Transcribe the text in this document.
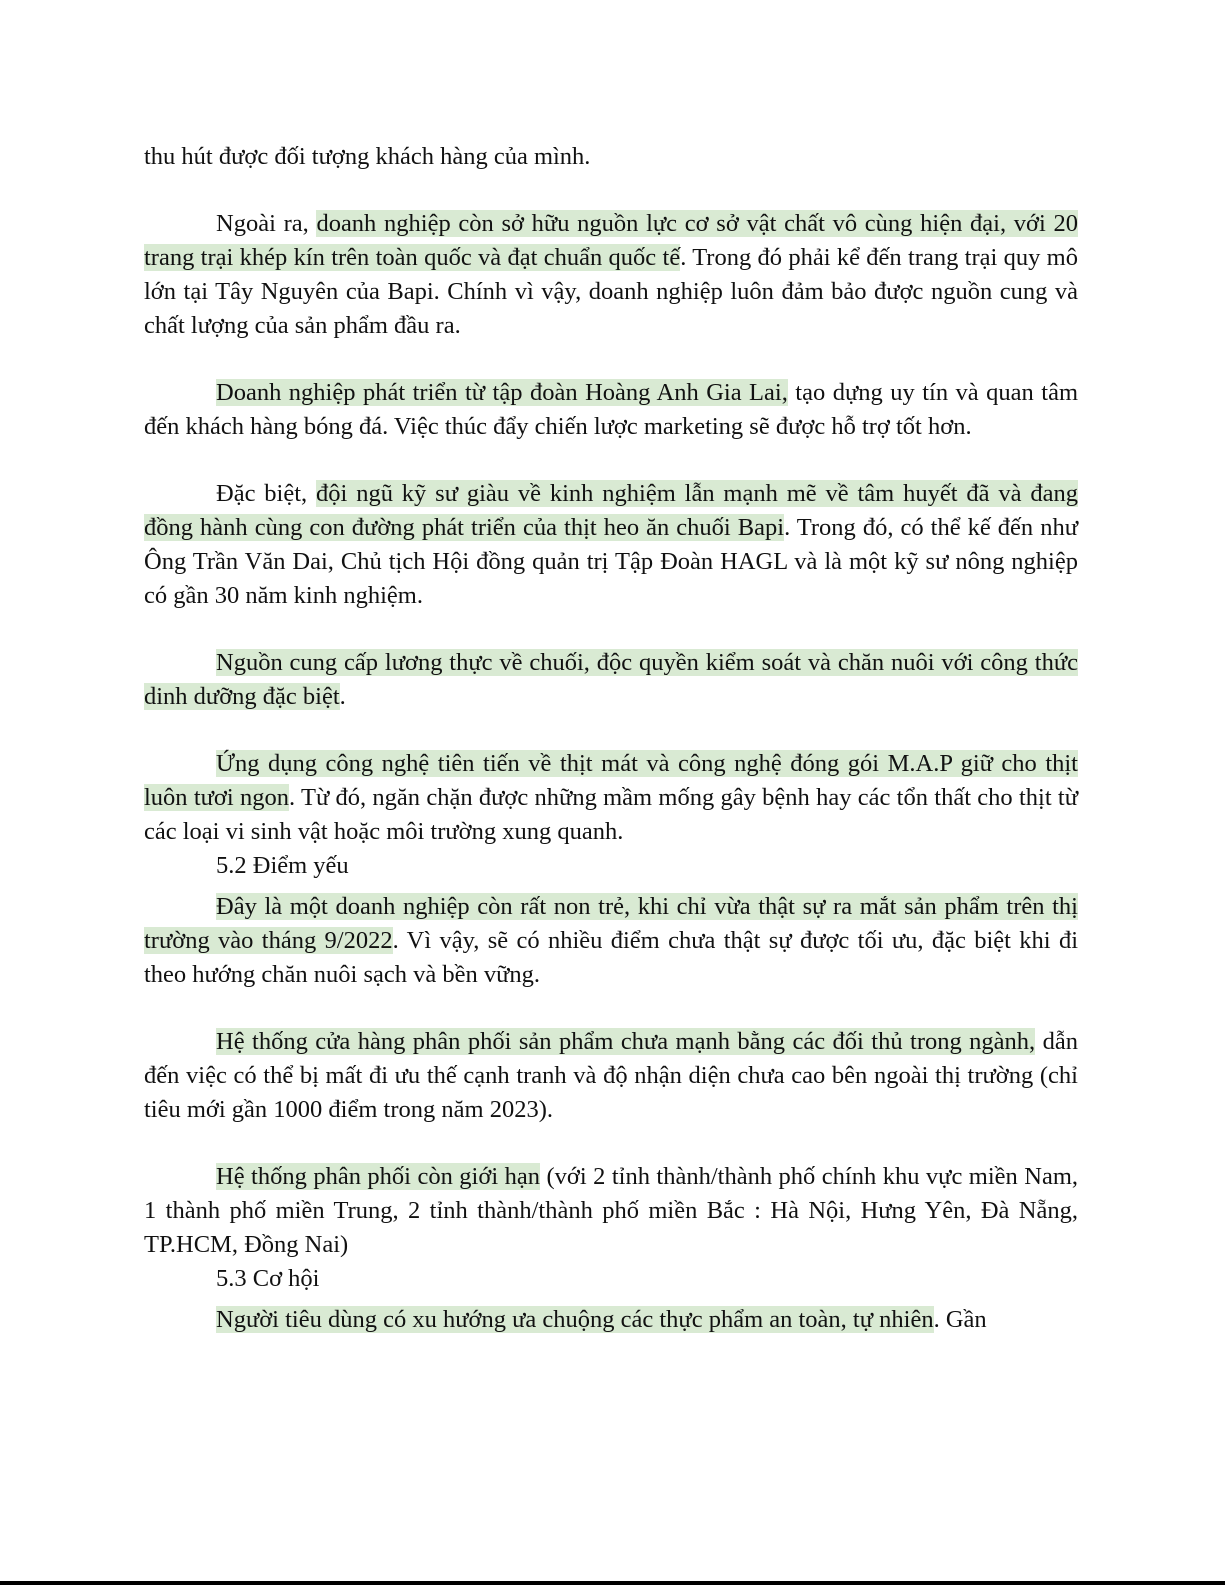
thu hút được đối tượng khách hàng của mình.

Ngoài ra, doanh nghiệp còn sở hữu nguồn lực cơ sở vật chất vô cùng hiện đại, với 20 trang trại khép kín trên toàn quốc và đạt chuẩn quốc tế. Trong đó phải kể đến trang trại quy mô lớn tại Tây Nguyên của Bapi. Chính vì vậy, doanh nghiệp luôn đảm bảo được nguồn cung và chất lượng của sản phẩm đầu ra.

Doanh nghiệp phát triển từ tập đoàn Hoàng Anh Gia Lai, tạo dựng uy tín và quan tâm đến khách hàng bóng đá. Việc thúc đẩy chiến lược marketing sẽ được hỗ trợ tốt hơn.

Đặc biệt, đội ngũ kỹ sư giàu về kinh nghiệm lẫn mạnh mẽ về tâm huyết đã và đang đồng hành cùng con đường phát triển của thịt heo ăn chuối Bapi. Trong đó, có thể kế đến như Ông Trần Văn Dai, Chủ tịch Hội đồng quản trị Tập Đoàn HAGL và là một kỹ sư nông nghiệp có gần 30 năm kinh nghiệm.

Nguồn cung cấp lương thực về chuối, độc quyền kiểm soát và chăn nuôi với công thức dinh dưỡng đặc biệt.

Ứng dụng công nghệ tiên tiến về thịt mát và công nghệ đóng gói M.A.P giữ cho thịt luôn tươi ngon. Từ đó, ngăn chặn được những mầm mống gây bệnh hay các tổn thất cho thịt từ các loại vi sinh vật hoặc môi trường xung quanh.

5.2 Điểm yếu

Đây là một doanh nghiệp còn rất non trẻ, khi chỉ vừa thật sự ra mắt sản phẩm trên thị trường vào tháng 9/2022. Vì vậy, sẽ có nhiều điểm chưa thật sự được tối ưu, đặc biệt khi đi theo hướng chăn nuôi sạch và bền vững.

Hệ thống cửa hàng phân phối sản phẩm chưa mạnh bằng các đối thủ trong ngành, dẫn đến việc có thể bị mất đi ưu thế cạnh tranh và độ nhận diện chưa cao bên ngoài thị trường (chỉ tiêu mới gần 1000 điểm trong năm 2023).

Hệ thống phân phối còn giới hạn (với 2 tỉnh thành/thành phố chính khu vực miền Nam, 1 thành phố miền Trung, 2 tỉnh thành/thành phố miền Bắc : Hà Nội, Hưng Yên, Đà Nẵng, TP.HCM, Đồng Nai)

5.3 Cơ hội

Người tiêu dùng có xu hướng ưa chuộng các thực phẩm an toàn, tự nhiên. Gần
